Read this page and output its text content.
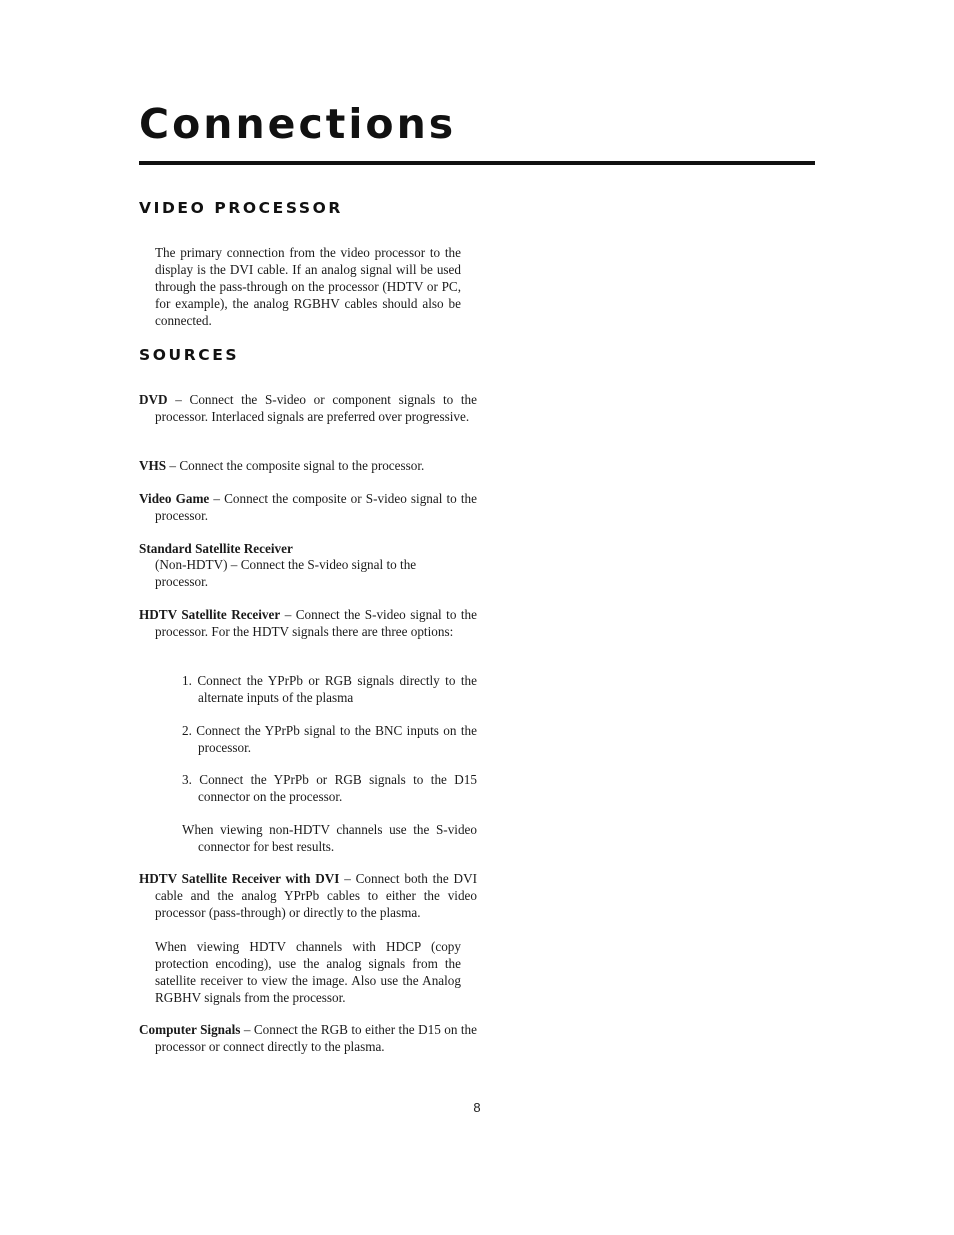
Connections
VIDEO PROCESSOR

The primary connection from the video processor to the display is the DVI cable. If an analog signal will be used through the pass-through on the processor (HDTV or PC, for example), the analog RGBHV cables should also be connected.

SOURCES

DVD – Connect the S-video or component signals to the processor. Interlaced signals are preferred over progressive.

VHS – Connect the composite signal to the processor.

Video Game – Connect the composite or S-video signal to the processor.

Standard Satellite Receiver

(Non-HDTV) – Connect the S-video signal to the processor.

HDTV Satellite Receiver – Connect the S-video signal to the processor. For the HDTV signals there are three options:

1. Connect the YPrPb or RGB signals directly to the alternate inputs of the plasma

2. Connect the YPrPb signal to the BNC inputs on the processor.

3. Connect the YPrPb or RGB signals to the D15 connector on the processor.

When viewing non-HDTV channels use the S-video connector for best results.

HDTV Satellite Receiver with DVI – Connect both the DVI cable and the analog YPrPb cables to either the video processor (pass-through) or directly to the plasma.

When viewing HDTV channels with HDCP (copy protection encoding), use the analog signals from the satellite receiver to view the image. Also use the Analog RGBHV signals from the processor.

Computer Signals – Connect the RGB to either the D15 on the processor or connect directly to the plasma.

8
